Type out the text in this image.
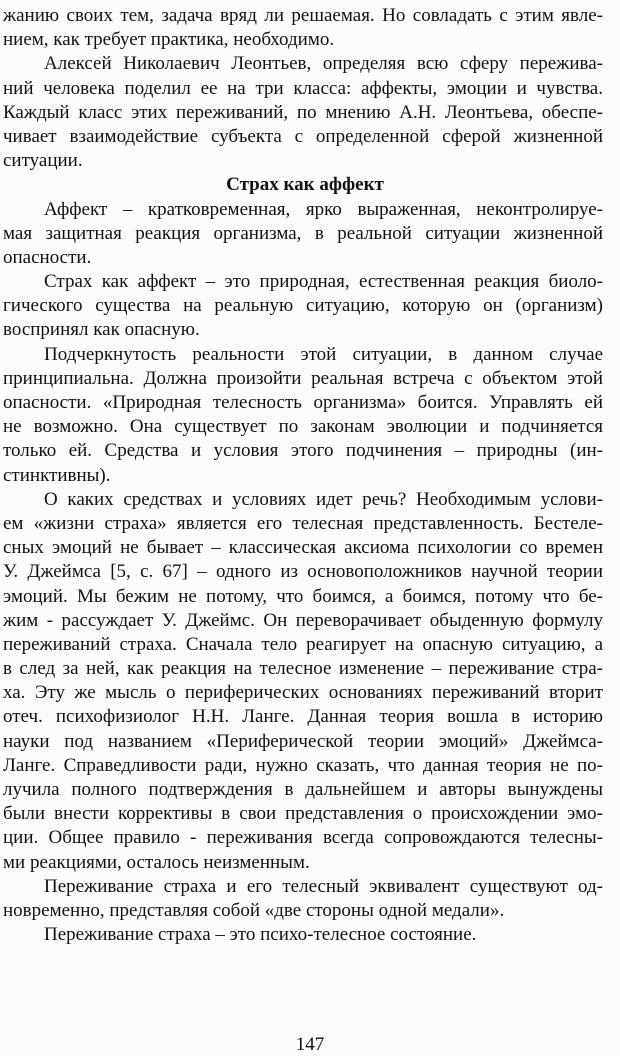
жанию своих тем, задача вряд ли решаемая. Но совладать с этим явле-
нием, как требует практика, необходимо.
Алексей Николаевич Леонтьев, определяя всю сферу пережива-
ний человека поделил ее на три класса: аффекты, эмоции и чувства.
Каждый класс этих переживаний, по мнению А.Н. Леонтьева, обеспе-
чивает взаимодействие субъекта с определенной сферой жизненной
ситуации.
Страх как аффект
Аффект – кратковременная, ярко выраженная, неконтролируе-
мая защитная реакция организма, в реальной ситуации жизненной
опасности.
Страх как аффект – это природная, естественная реакция биоло-
гического существа на реальную ситуацию, которую он (организм)
воспринял как опасную.
Подчеркнутость реальности этой ситуации, в данном случае
принципиальна. Должна произойти реальная встреча с объектом этой
опасности. «Природная телесность организма» боится. Управлять ей
не возможно. Она существует по законам эволюции и подчиняется
только ей. Средства и условия этого подчинения – природны (ин-
стинктивны).
О каких средствах и условиях идет речь? Необходимым услови-
ем «жизни страха» является его телесная представленность. Бестеле-
сных эмоций не бывает – классическая аксиома психологии со времен
У. Джеймса [5, с. 67] – одного из основоположников научной теории
эмоций. Мы бежим не потому, что боимся, а боимся, потому что бе-
жим - рассуждает У. Джеймс. Он переворачивает обыденную формулу
переживаний страха. Сначала тело реагирует на опасную ситуацию, а
в след за ней, как реакция на телесное изменение – переживание стра-
ха. Эту же мысль о периферических основаниях переживаний вторит
отеч. психофизиолог Н.Н. Ланге. Данная теория вошла в историю
науки под названием «Периферической теории эмоций» Джеймса-
Ланге. Справедливости ради, нужно сказать, что данная теория не по-
лучила полного подтверждения в дальнейшем и авторы вынуждены
были внести коррективы в свои представления о происхождении эмо-
ции. Общее правило - переживания всегда сопровождаются телесны-
ми реакциями, осталось неизменным.
Переживание страха и его телесный эквивалент существуют од-
новременно, представляя собой «две стороны одной медали».
Переживание страха – это психо-телесное состояние.
147
